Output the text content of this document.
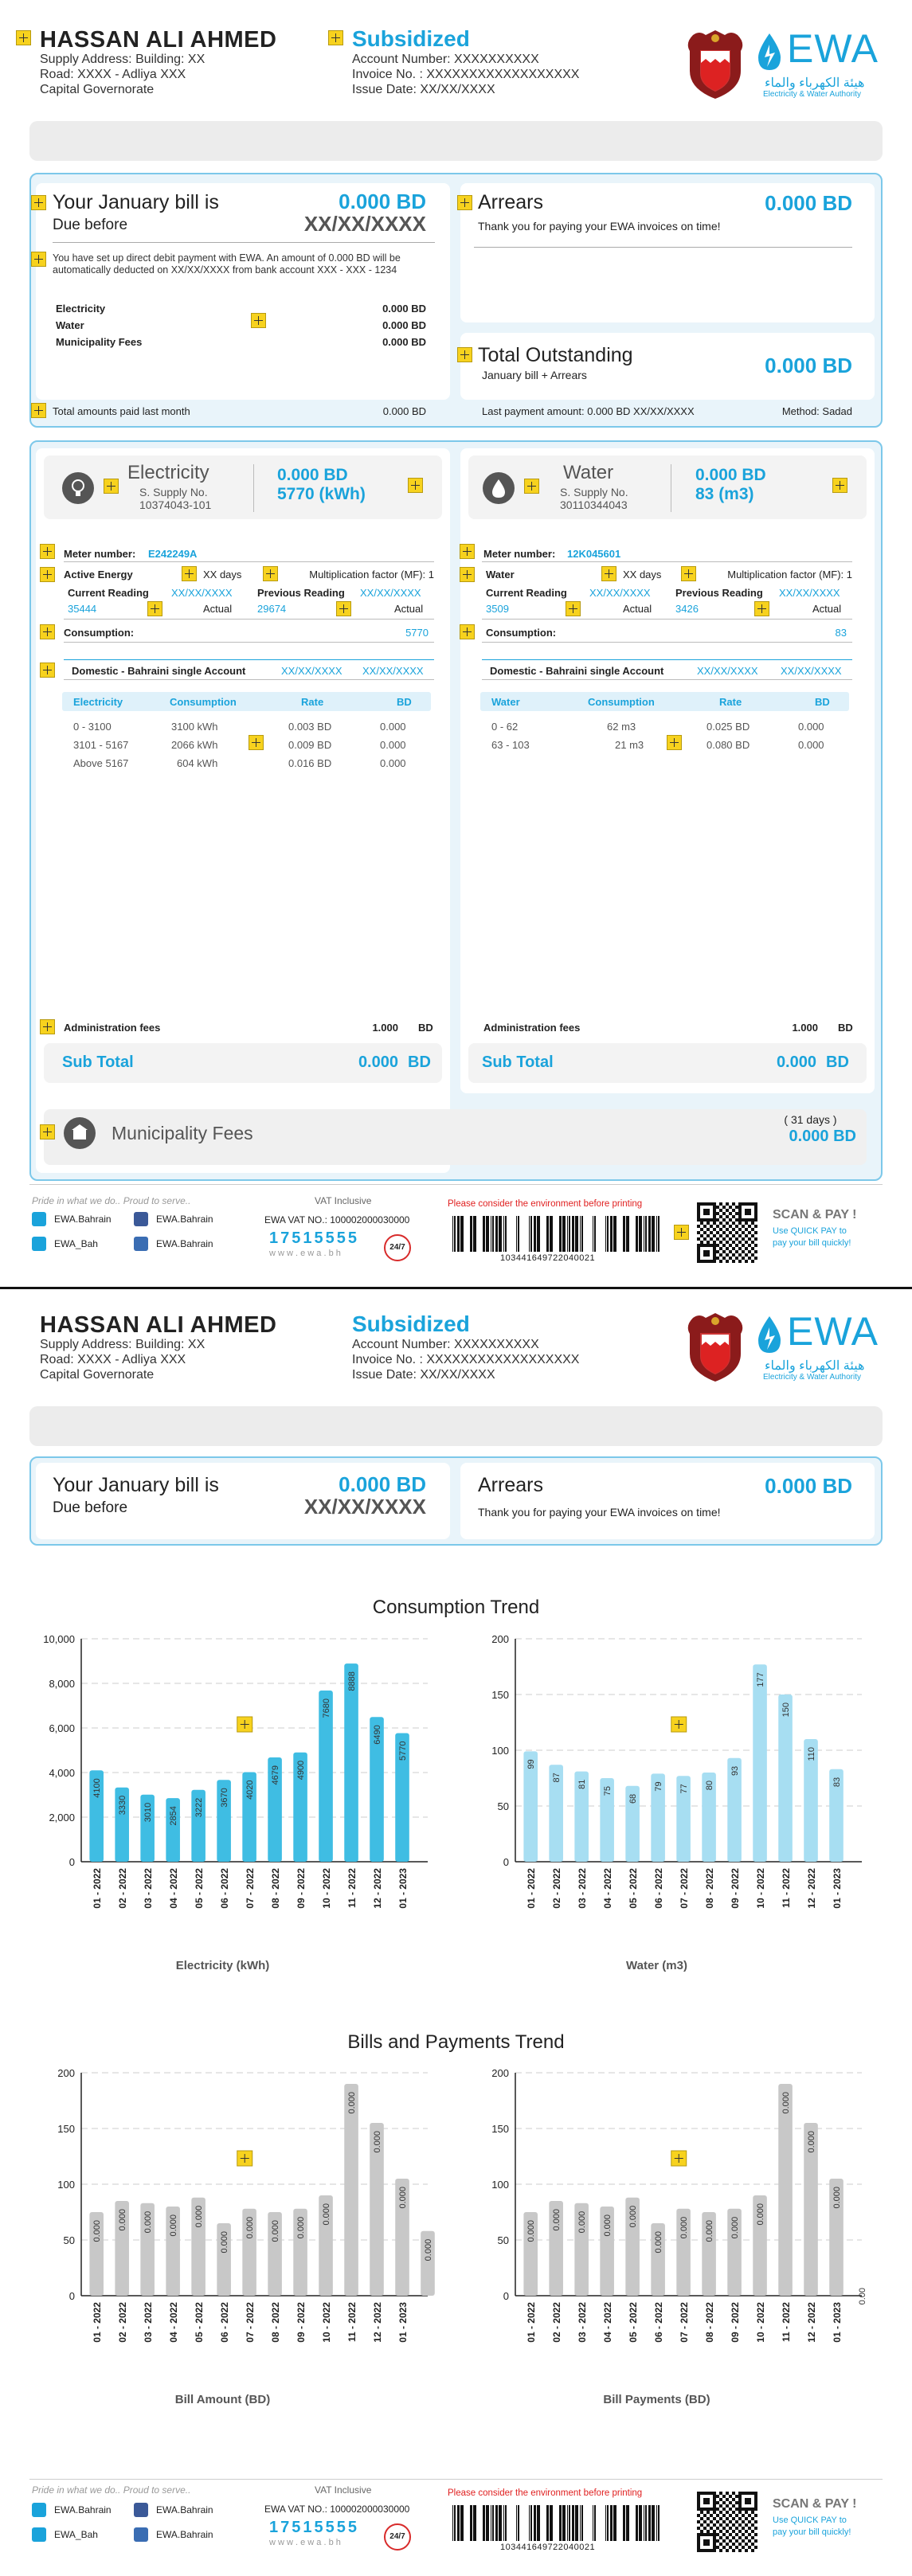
HASSAN ALI AHMED
Supply Address: Building: XX
Road: XXXX - Adliya XXX
Capital Governorate
Subsidized
Account Number: XXXXXXXXXX
Invoice No. : XXXXXXXXXXXXXXXXXX
Issue Date: XX/XX/XXXX
EWA
هيئة الكهرباء والماء
Electricity & Water Authority
Your January bill is
Due before
0.000 BD
XX/XX/XXXX
You have set up direct debit payment with EWA. An amount of 0.000 BD will be automatically deducted on XX/XX/XXXX from bank account XXX - XXX - 1234
Electricity	0.000 BD
Water	0.000 BD
Municipality Fees	0.000 BD
Total amounts paid last month	0.000 BD
Arrears	0.000 BD
Thank you for paying your EWA invoices on time!
Total Outstanding
January bill + Arrears	0.000 BD
Last payment amount: 0.000 BD XX/XX/XXXX	Method: Sadad
Electricity
S. Supply No.
10374043-101
0.000 BD
5770 (kWh)
Meter number: E242249A
Active Energy	XX days	Multiplication factor (MF): 1
Current Reading XX/XX/XXXX
35444	Actual
Previous Reading XX/XX/XXXX
29674	Actual
Consumption:	5770
Domestic - Bahraini single Account	XX/XX/XXXX XX/XX/XXXX
Electricity	Consumption	Rate	BD
0 - 3100	3100 kWh	0.003 BD	0.000
3101 - 5167	2066 kWh	0.009 BD	0.000
Above 5167	604 kWh	0.016 BD	0.000
Administration fees	1.000 BD
Sub Total	0.000 BD
Water
S. Supply No.
30110344043
0.000 BD
83 (m3)
Meter number: 12K045601
Water	XX days	Multiplication factor (MF): 1
Current Reading XX/XX/XXXX
3509	Actual
Previous Reading XX/XX/XXXX
3426	Actual
Consumption:	83
Domestic - Bahraini single Account	XX/XX/XXXX XX/XX/XXXX
Water	Consumption	Rate	BD
0 - 62	62 m3	0.025 BD	0.000
63 - 103	21 m3	0.080 BD	0.000
Administration fees	1.000 BD
Sub Total	0.000 BD
Municipality Fees
( 31 days )
0.000 BD
Pride in what we do.. Proud to serve..
EWA.Bahrain	EWA.Bahrain
EWA_Bah	EWA.Bahrain
VAT Inclusive
EWA VAT NO.: 100002000030000
17515555
w w w . e w a . b h
24/7
Please consider the environment before printing
103441649722040021
SCAN & PAY !
Use QUICK PAY to
pay your bill quickly!
HASSAN ALI AHMED
Supply Address: Building: XX
Road: XXXX - Adliya XXX
Capital Governorate
Subsidized
Account Number: XXXXXXXXXX
Invoice No. : XXXXXXXXXXXXXXXXXX
Issue Date: XX/XX/XXXX
EWA
هيئة الكهرباء والماء
Electricity & Water Authority
Your January bill is
Due before
0.000 BD
XX/XX/XXXX
Arrears	0.000 BD
Thank you for paying your EWA invoices on time!
Consumption Trend
0
2,000
4,000
6,000
8,000
10,000
4100
01 - 2022
3330
02 - 2022
3010
03 - 2022
2854
04 - 2022
3222
05 - 2022
3670
06 - 2022
4020
07 - 2022
4679
08 - 2022
4900
09 - 2022
7680
10 - 2022
8888
11 - 2022
6490
12 - 2022
5770
01 - 2023
Electricity (kWh)
0
50
100
150
200
99
01 - 2022
87
02 - 2022
81
03 - 2022
75
04 - 2022
68
05 - 2022
79
06 - 2022
77
07 - 2022
80
08 - 2022
93
09 - 2022
177
10 - 2022
150
11 - 2022
110
12 - 2022
83
01 - 2023
Water (m3)
Bills and Payments Trend
0
50
100
150
200
0.000
01 - 2022
0.000
02 - 2022
0.000
03 - 2022
0.000
04 - 2022
0.000
05 - 2022
0.000
06 - 2022
0.000
07 - 2022
0.000
08 - 2022
0.000
09 - 2022
0.000
10 - 2022
0.000
11 - 2022
0.000
12 - 2022
0.000
01 - 2023
0.000
Bill Amount (BD)
0
50
100
150
200
0.000
01 - 2022
0.000
02 - 2022
0.000
03 - 2022
0.000
04 - 2022
0.000
05 - 2022
0.000
06 - 2022
0.000
07 - 2022
0.000
08 - 2022
0.000
09 - 2022
0.000
10 - 2022
0.000
11 - 2022
0.000
12 - 2022
0.000
01 - 2023
0.00
Bill Payments (BD)
Pride in what we do.. Proud to serve..
EWA.Bahrain	EWA.Bahrain
EWA_Bah	EWA.Bahrain
VAT Inclusive
EWA VAT NO.: 100002000030000
17515555
w w w . e w a . b h
24/7
Please consider the environment before printing
103441649722040021
SCAN & PAY !
Use QUICK PAY to
pay your bill quickly!
